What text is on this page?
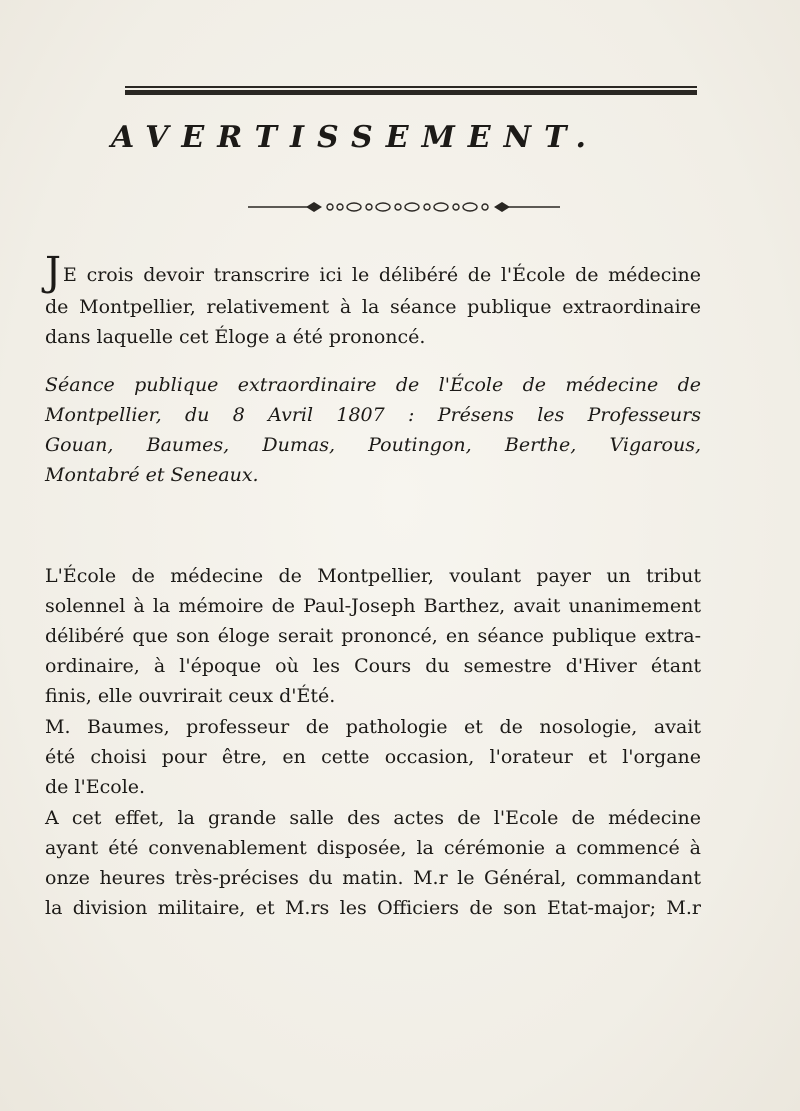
AVERTISSEMENT.
J E crois devoir transcrire ici le délibéré de l'École de médecine
de Montpellier, relativement à la séance publique extraordinaire
dans laquelle cet Éloge a été prononcé.
Séance publique extraordinaire de l'École de médecine de
Montpellier, du 8 Avril 1807 : Présens les Professeurs
Gouan, Baumes, Dumas, Poutingon, Berthe, Vigarous,
Montabré et Seneaux.
L'École de médecine de Montpellier, voulant payer un tribut
solennel à la mémoire de Paul-Joseph Barthez, avait unanimement
délibéré que son éloge serait prononcé, en séance publique extra-
ordinaire, à l'époque où les Cours du semestre d'Hiver étant
finis, elle ouvrirait ceux d'Été.
M. Baumes, professeur de pathologie et de nosologie, avait
été choisi pour être, en cette occasion, l'orateur et l'organe
de l'Ecole.
A cet effet, la grande salle des actes de l'Ecole de médecine
ayant été convenablement disposée, la cérémonie a commencé à
onze heures très-précises du matin. M.r le Général, commandant
la division militaire, et M.rs les Officiers de son Etat-major; M.r
